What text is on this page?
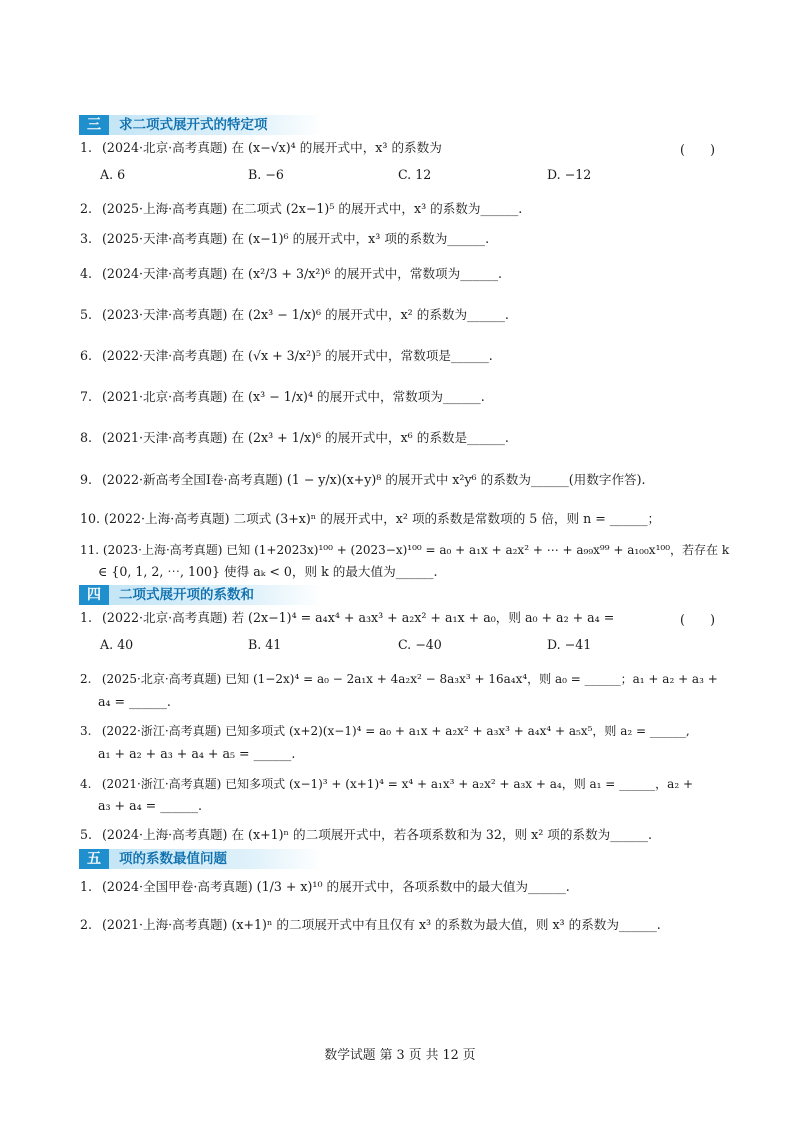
三	求二项式展开式的特定项
1. (2024·北京·高考真题) 在 (x−√x)⁴ 的展开式中，x³ 的系数为	(　　)
A. 6	B. −6	C. 12	D. −12
2. (2025·上海·高考真题) 在二项式 (2x−1)⁵ 的展开式中，x³ 的系数为______.
3. (2025·天津·高考真题) 在 (x−1)⁶ 的展开式中，x³ 项的系数为______.
4. (2024·天津·高考真题) 在 (x²/3 + 3/x²)⁶ 的展开式中，常数项为______.
5. (2023·天津·高考真题) 在 (2x³ − 1/x)⁶ 的展开式中，x² 的系数为______.
6. (2022·天津·高考真题) 在 (√x + 3/x²)⁵ 的展开式中，常数项是______.
7. (2021·北京·高考真题) 在 (x³ − 1/x)⁴ 的展开式中，常数项为______.
8. (2021·天津·高考真题) 在 (2x³ + 1/x)⁶ 的展开式中，x⁶ 的系数是______.
9. (2022·新高考全国Ⅰ卷·高考真题) (1 − y/x)(x+y)⁸ 的展开式中 x²y⁶ 的系数为______(用数字作答).
10. (2022·上海·高考真题) 二项式 (3+x)ⁿ 的展开式中，x² 项的系数是常数项的 5 倍，则 n = ______；
11. (2023·上海·高考真题) 已知 (1+2023x)¹⁰⁰ + (2023−x)¹⁰⁰ = a₀ + a₁x + a₂x² + ⋯ + a₉₉x⁹⁹ + a₁₀₀x¹⁰⁰，若存在 k
∈ {0, 1, 2, ⋯, 100} 使得 aₖ < 0，则 k 的最大值为______.
四	二项式展开项的系数和
1. (2022·北京·高考真题) 若 (2x−1)⁴ = a₄x⁴ + a₃x³ + a₂x² + a₁x + a₀，则 a₀ + a₂ + a₄ =	(　　)
A. 40	B. 41	C. −40	D. −41
2. (2025·北京·高考真题) 已知 (1−2x)⁴ = a₀ − 2a₁x + 4a₂x² − 8a₃x³ + 16a₄x⁴，则 a₀ = ______；a₁ + a₂ + a₃ +
a₄ = ______.
3. (2022·浙江·高考真题) 已知多项式 (x+2)(x−1)⁴ = a₀ + a₁x + a₂x² + a₃x³ + a₄x⁴ + a₅x⁵，则 a₂ = ______,
a₁ + a₂ + a₃ + a₄ + a₅ = ______.
4. (2021·浙江·高考真题) 已知多项式 (x−1)³ + (x+1)⁴ = x⁴ + a₁x³ + a₂x² + a₃x + a₄，则 a₁ = ______，a₂ +
a₃ + a₄ = ______.
5. (2024·上海·高考真题) 在 (x+1)ⁿ 的二项展开式中，若各项系数和为 32，则 x² 项的系数为______.
五	项的系数最值问题
1. (2024·全国甲卷·高考真题) (1/3 + x)¹⁰ 的展开式中，各项系数中的最大值为______.
2. (2021·上海·高考真题) (x+1)ⁿ 的二项展开式中有且仅有 x³ 的系数为最大值，则 x³ 的系数为______.
数学试题 第 3 页 共 12 页
